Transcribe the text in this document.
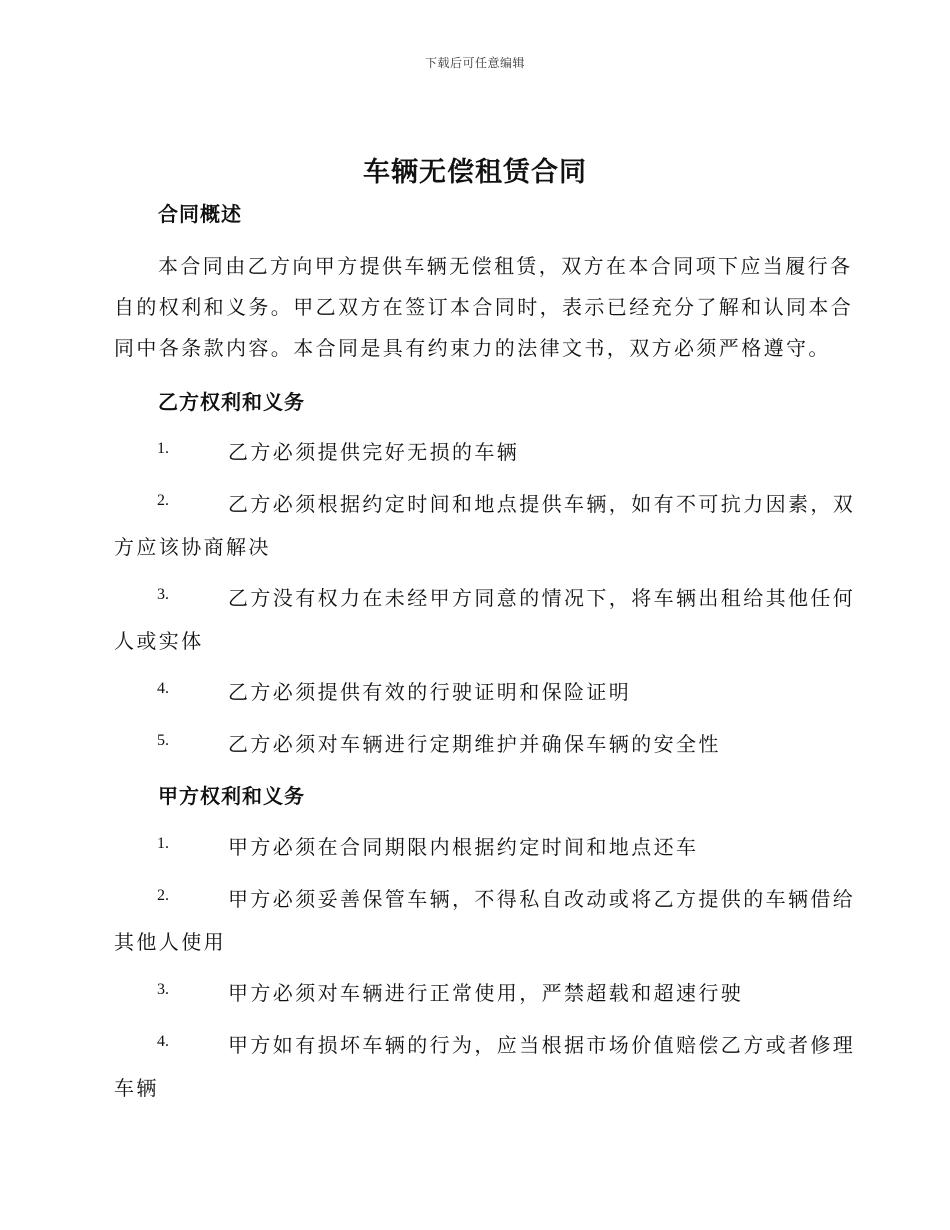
下载后可任意编辑
车辆无偿租赁合同
合同概述

本合同由乙方向甲方提供车辆无偿租赁，双方在本合同项下应当履行各

自的权利和义务。甲乙双方在签订本合同时，表示已经充分了解和认同本合

同中各条款内容。本合同是具有约束力的法律文书，双方必须严格遵守。

乙方权利和义务
1.	乙方必须提供完好无损的车辆
2.	乙方必须根据约定时间和地点提供车辆，如有不可抗力因素，双
方应该协商解决
3.	乙方没有权力在未经甲方同意的情况下，将车辆出租给其他任何
人或实体
4.	乙方必须提供有效的行驶证明和保险证明
5.	乙方必须对车辆进行定期维护并确保车辆的安全性
甲方权利和义务
1.	甲方必须在合同期限内根据约定时间和地点还车
2.	甲方必须妥善保管车辆，不得私自改动或将乙方提供的车辆借给
其他人使用
3.	甲方必须对车辆进行正常使用，严禁超载和超速行驶
4.	甲方如有损坏车辆的行为，应当根据市场价值赔偿乙方或者修理
车辆
